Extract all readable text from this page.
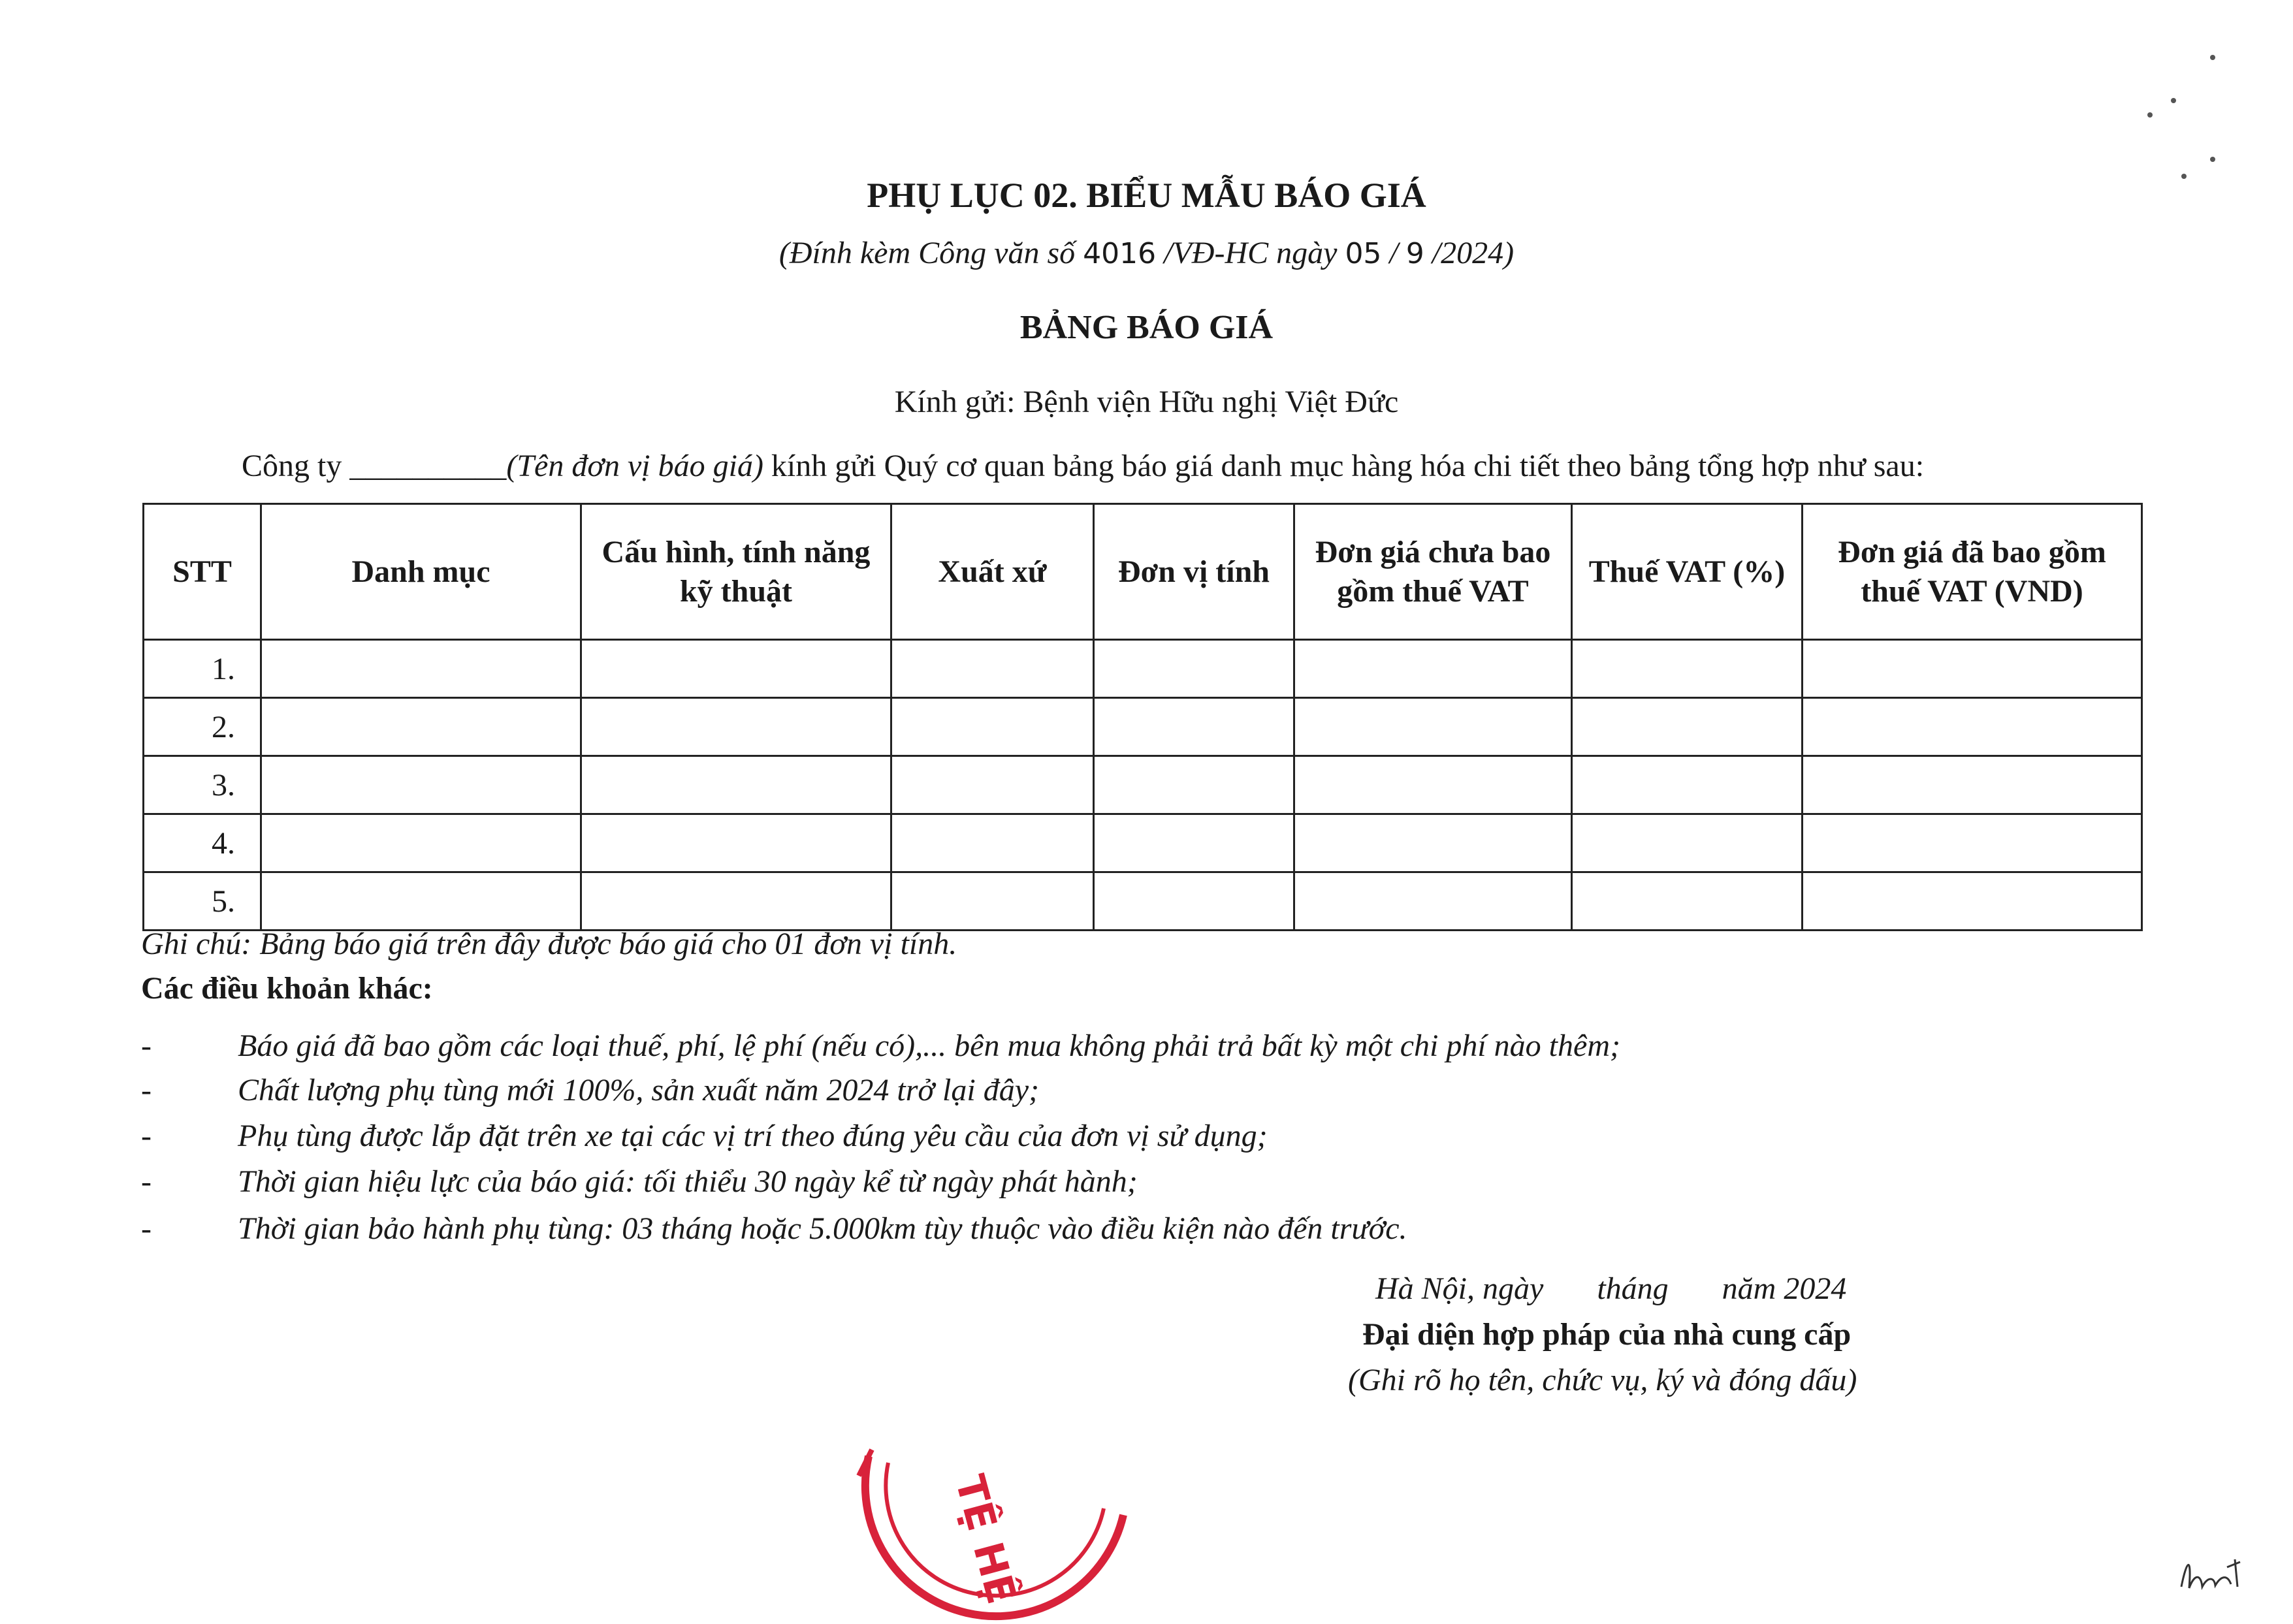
PHỤ LỤC 02. BIỂU MẪU BÁO GIÁ
(Đính kèm Công văn số 4016 /VĐ-HC ngày 05 / 9 /2024)
BẢNG BÁO GIÁ
Kính gửi: Bệnh viện Hữu nghị Việt Đức
Công ty __________(Tên đơn vị báo giá) kính gửi Quý cơ quan bảng báo giá danh mục hàng hóa chi tiết theo bảng tổng hợp như sau:
STT	Danh mục	Cấu hình, tính năng kỹ thuật	Xuất xứ	Đơn vị tính	Đơn giá chưa bao gồm thuế VAT	Thuế VAT (%)	Đơn giá đã bao gồm thuế VAT (VND)
1.							
2.							
3.							
4.							
5.							
Ghi chú: Bảng báo giá trên đây được báo giá cho 01 đơn vị tính.
Các điều khoản khác:
-	Báo giá đã bao gồm các loại thuế, phí, lệ phí (nếu có),... bên mua không phải trả bất kỳ một chi phí nào thêm;
-	Chất lượng phụ tùng mới 100%, sản xuất năm 2024 trở lại đây;
-	Phụ tùng được lắp đặt trên xe tại các vị trí theo đúng yêu cầu của đơn vị sử dụng;
-	Thời gian hiệu lực của báo giá: tối thiểu 30 ngày kể từ ngày phát hành;
-	Thời gian bảo hành phụ tùng: 03 tháng hoặc 5.000km tùy thuộc vào điều kiện nào đến trước.
Hà Nội, ngày tháng năm 2024
Đại diện hợp pháp của nhà cung cấp
(Ghi rõ họ tên, chức vụ, ký và đóng dấu)
TỆ HỆ
